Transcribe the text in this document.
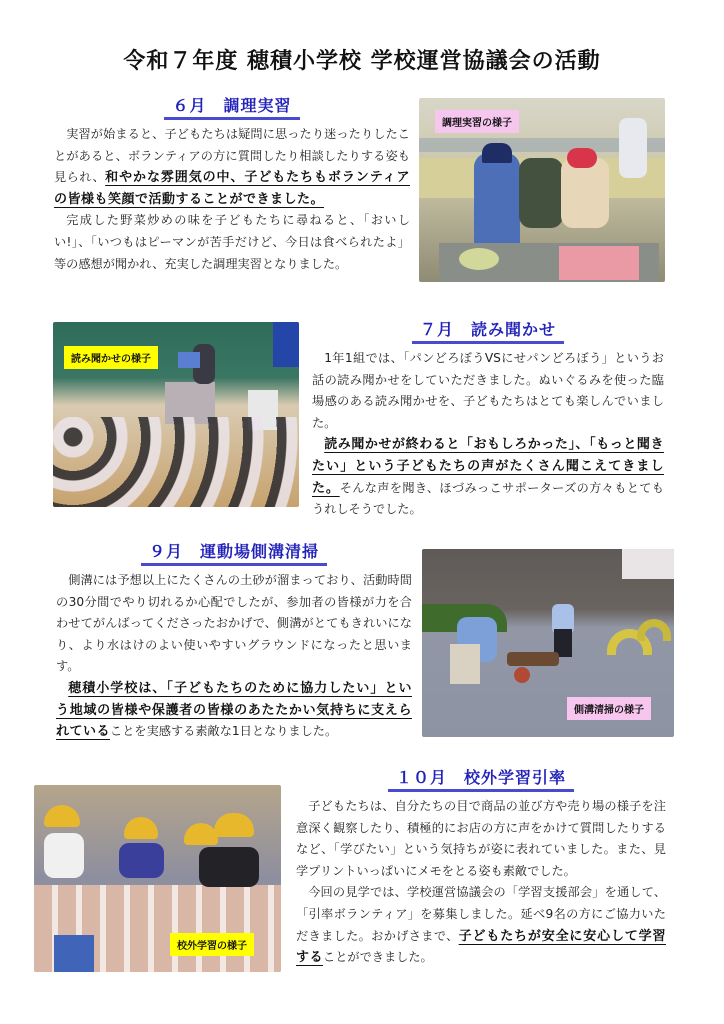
令和７年度 穂積小学校 学校運営協議会の活動
６月　調理実習

実習が始まると、子どもたちは疑問に思ったり迷ったりしたことがあると、ボランティアの方に質問したり相談したりする姿も見られ、和やかな雰囲気の中、子どもたちもボランティアの皆様も笑顔で活動することができました。

完成した野菜炒めの味を子どもたちに尋ねると、「おいしい!」、「いつもはピーマンが苦手だけど、今日は食べられたよ」等の感想が聞かれ、充実した調理実習となりました。

調理実習の様子
読み聞かせの様子
７月　読み聞かせ

1年1組では、「パンどろぼうVSにせパンどろぼう」というお話の読み聞かせをしていただきました。ぬいぐるみを使った臨場感のある読み聞かせを、子どもたちはとても楽しんでいました。

読み聞かせが終わると「おもしろかった」、「もっと聞きたい」という子どもたちの声がたくさん聞こえてきました。そんな声を聞き、ほづみっこサポーターズの方々もとてもうれしそうでした。

９月　運動場側溝清掃

側溝には予想以上にたくさんの土砂が溜まっており、活動時間の30分間でやり切れるか心配でしたが、参加者の皆様が力を合わせてがんばってくださったおかげで、側溝がとてもきれいになり、より水はけのよい使いやすいグラウンドになったと思います。

穂積小学校は、「子どもたちのために協力したい」という地域の皆様や保護者の皆様のあたたかい気持ちに支えられていることを実感する素敵な1日となりました。

側溝清掃の様子
校外学習の様子
１０月　校外学習引率

子どもたちは、自分たちの目で商品の並び方や売り場の様子を注意深く観察したり、積極的にお店の方に声をかけて質問したりするなど、「学びたい」という気持ちが姿に表れていました。また、見学プリントいっぱいにメモをとる姿も素敵でした。

今回の見学では、学校運営協議会の「学習支援部会」を通して、「引率ボランティア」を募集しました。延べ9名の方にご協力いただきました。おかげさまで、子どもたちが安全に安心して学習することができました。
